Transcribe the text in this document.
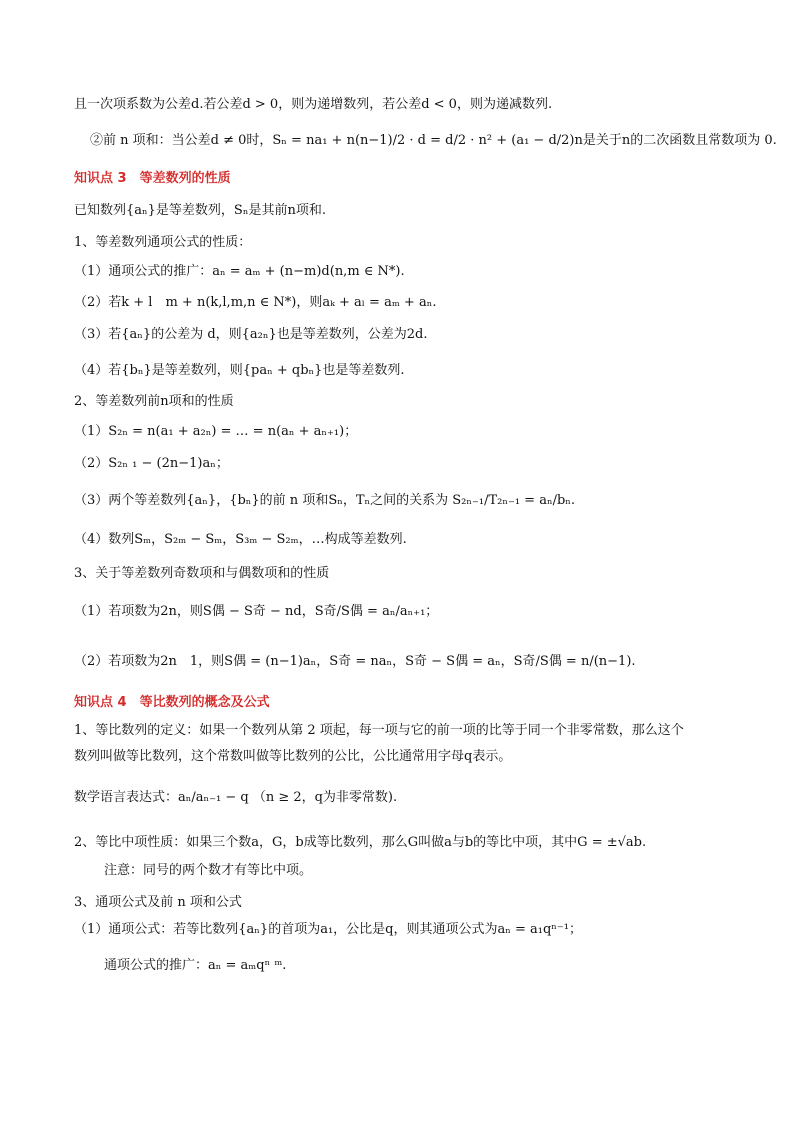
且一次项系数为公差d.若公差d > 0，则为递增数列，若公差d < 0，则为递减数列.
②前 n 项和：当公差d ≠ 0时，Sₙ = na₁ + n(n−1)/2 · d = d/2 · n² + (a₁ − d/2)n是关于n的二次函数且常数项为 0.
知识点 3　等差数列的性质
已知数列{aₙ}是等差数列，Sₙ是其前n项和.
1、等差数列通项公式的性质：
（1）通项公式的推广：aₙ = aₘ + (n−m)d(n,m ∈ N*).
（2）若k + l　m + n(k,l,m,n ∈ N*)，则aₖ + aₗ = aₘ + aₙ.
（3）若{aₙ}的公差为 d，则{a₂ₙ}也是等差数列，公差为2d.
（4）若{bₙ}是等差数列，则{paₙ + qbₙ}也是等差数列.
2、等差数列前n项和的性质
（1）S₂ₙ = n(a₁ + a₂ₙ) = … = n(aₙ + aₙ₊₁)；
（2）S₂ₙ ₁ − (2n−1)aₙ；
（3）两个等差数列{aₙ}，{bₙ}的前 n 项和Sₙ，Tₙ之间的关系为 S₂ₙ₋₁/T₂ₙ₋₁ = aₙ/bₙ.
（4）数列Sₘ，S₂ₘ − Sₘ，S₃ₘ − S₂ₘ，…构成等差数列.
3、关于等差数列奇数项和与偶数项和的性质
（1）若项数为2n，则S偶 − S奇 − nd，S奇/S偶 = aₙ/aₙ₊₁；
（2）若项数为2n　1，则S偶 = (n−1)aₙ，S奇 = naₙ，S奇 − S偶 = aₙ，S奇/S偶 = n/(n−1).
知识点 4　等比数列的概念及公式
1、等比数列的定义：如果一个数列从第 2 项起，每一项与它的前一项的比等于同一个非零常数，那么这个
数列叫做等比数列，这个常数叫做等比数列的公比，公比通常用字母q表示。
数学语言表达式：aₙ/aₙ₋₁ − q （n ≥ 2，q为非零常数).
2、等比中项性质：如果三个数a，G，b成等比数列，那么G叫做a与b的等比中项，其中G = ±√ab.
注意：同号的两个数才有等比中项。
3、通项公式及前 n 项和公式
（1）通项公式：若等比数列{aₙ}的首项为a₁，公比是q，则其通项公式为aₙ = a₁qⁿ⁻¹；
通项公式的推广：aₙ = aₘqⁿ ᵐ.
